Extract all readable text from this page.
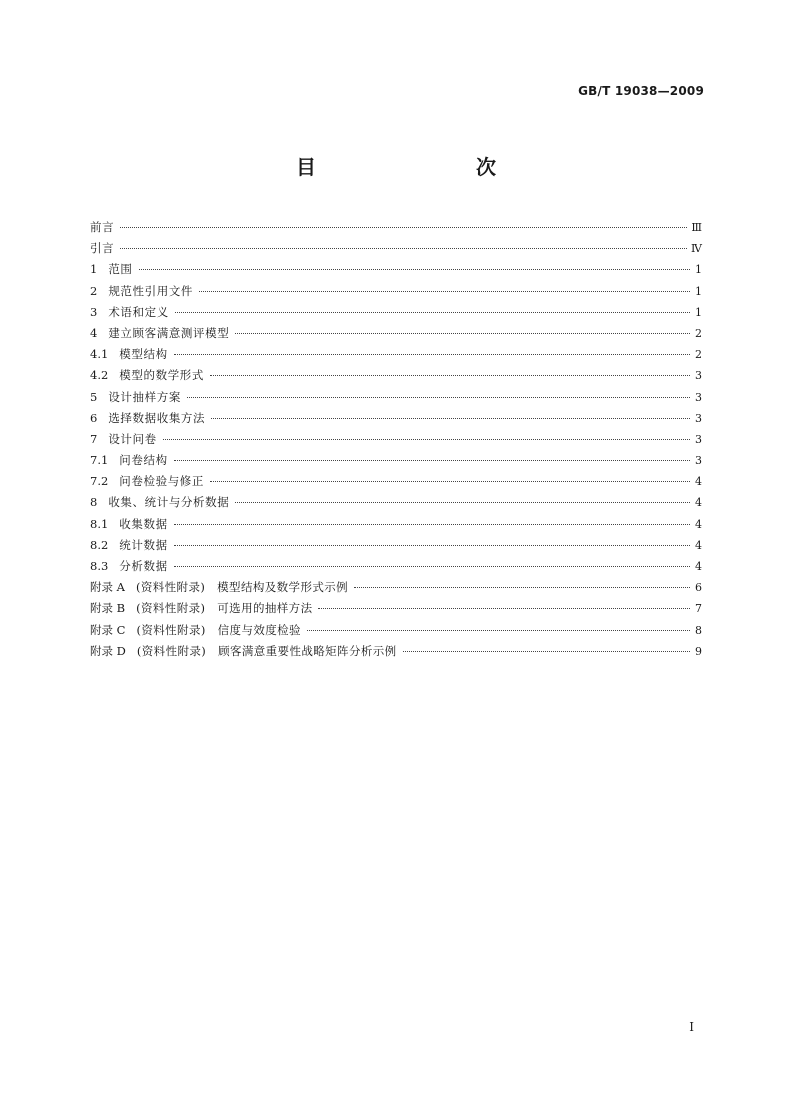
GB/T 19038—2009
目　　次
前言	Ⅲ
引言	Ⅳ
1 范围	1
2 规范性引用文件	1
3 术语和定义	1
4 建立顾客满意测评模型	2
4.1 模型结构	2
4.2 模型的数学形式	3
5 设计抽样方案	3
6 选择数据收集方法	3
7 设计问卷	3
7.1 问卷结构	3
7.2 问卷检验与修正	4
8 收集、统计与分析数据	4
8.1 收集数据	4
8.2 统计数据	4
8.3 分析数据	4
附录 A (资料性附录)　模型结构及数学形式示例	6
附录 B (资料性附录)　可选用的抽样方法	7
附录 C (资料性附录)　信度与效度检验	8
附录 D (资料性附录)　顾客满意重要性战略矩阵分析示例	9
I
